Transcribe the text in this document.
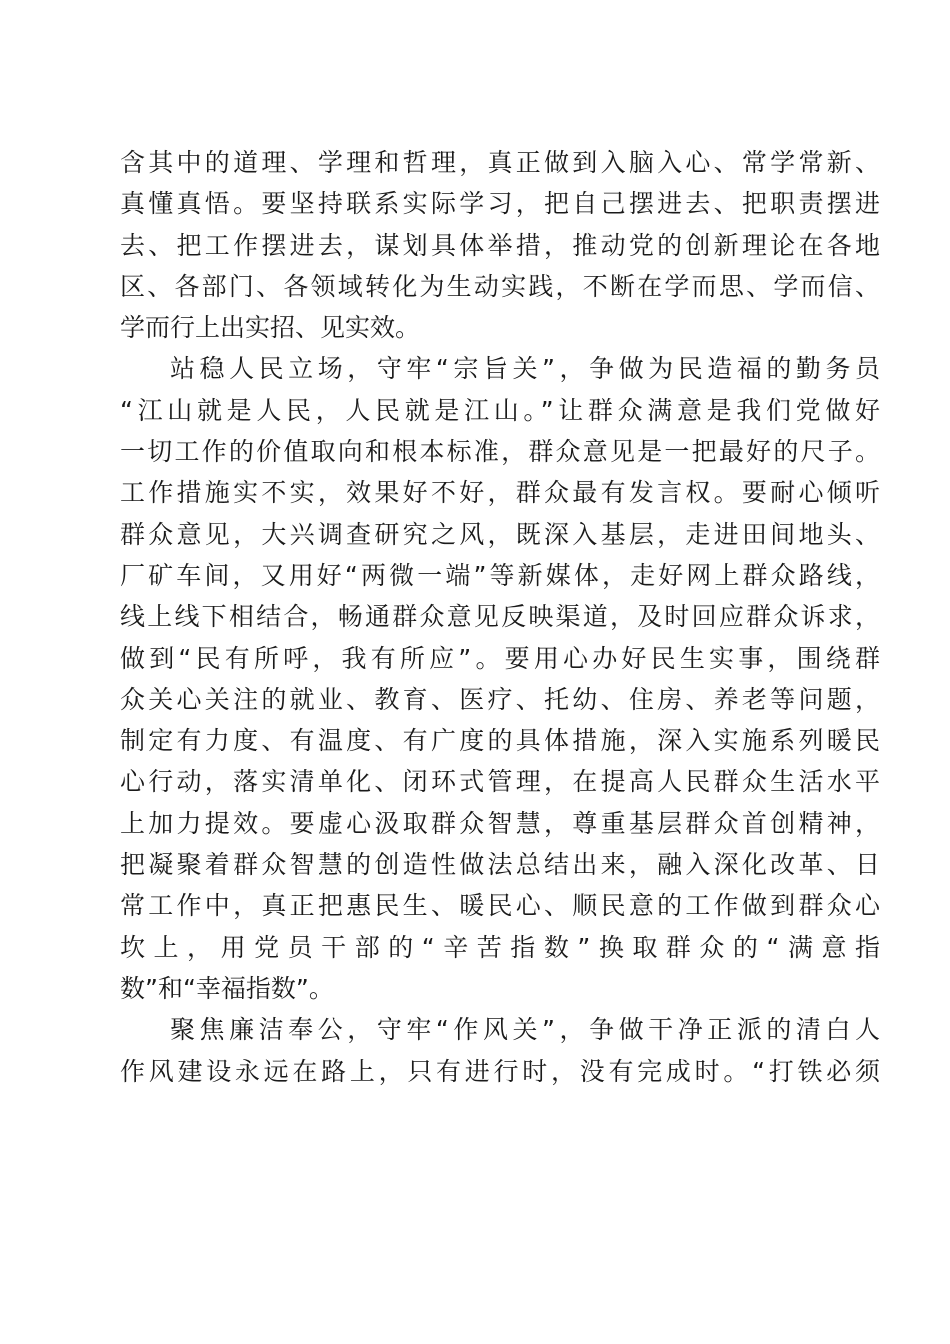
含其中的道理、学理和哲理，真正做到入脑入心、常学常新、
真懂真悟。要坚持联系实际学习，把自己摆进去、把职责摆进
去、把工作摆进去，谋划具体举措，推动党的创新理论在各地
区、各部门、各领域转化为生动实践，不断在学而思、学而信、
学而行上出实招、见实效。
站稳人民立场，守牢“宗旨关”，争做为民造福的勤务员
“江山就是人民，人民就是江山。”让群众满意是我们党做好
一切工作的价值取向和根本标准，群众意见是一把最好的尺子。
工作措施实不实，效果好不好，群众最有发言权。要耐心倾听
群众意见，大兴调查研究之风，既深入基层，走进田间地头、
厂矿车间，又用好“两微一端”等新媒体，走好网上群众路线，
线上线下相结合，畅通群众意见反映渠道，及时回应群众诉求，
做到“民有所呼，我有所应”。要用心办好民生实事，围绕群
众关心关注的就业、教育、医疗、托幼、住房、养老等问题，
制定有力度、有温度、有广度的具体措施，深入实施系列暖民
心行动，落实清单化、闭环式管理，在提高人民群众生活水平
上加力提效。要虚心汲取群众智慧，尊重基层群众首创精神，
把凝聚着群众智慧的创造性做法总结出来，融入深化改革、日
常工作中，真正把惠民生、暖民心、顺民意的工作做到群众心
坎上，用党员干部的“辛苦指数”换取群众的“满意指
数”和“幸福指数”。
聚焦廉洁奉公，守牢“作风关”，争做干净正派的清白人
作风建设永远在路上，只有进行时，没有完成时。“打铁必须
